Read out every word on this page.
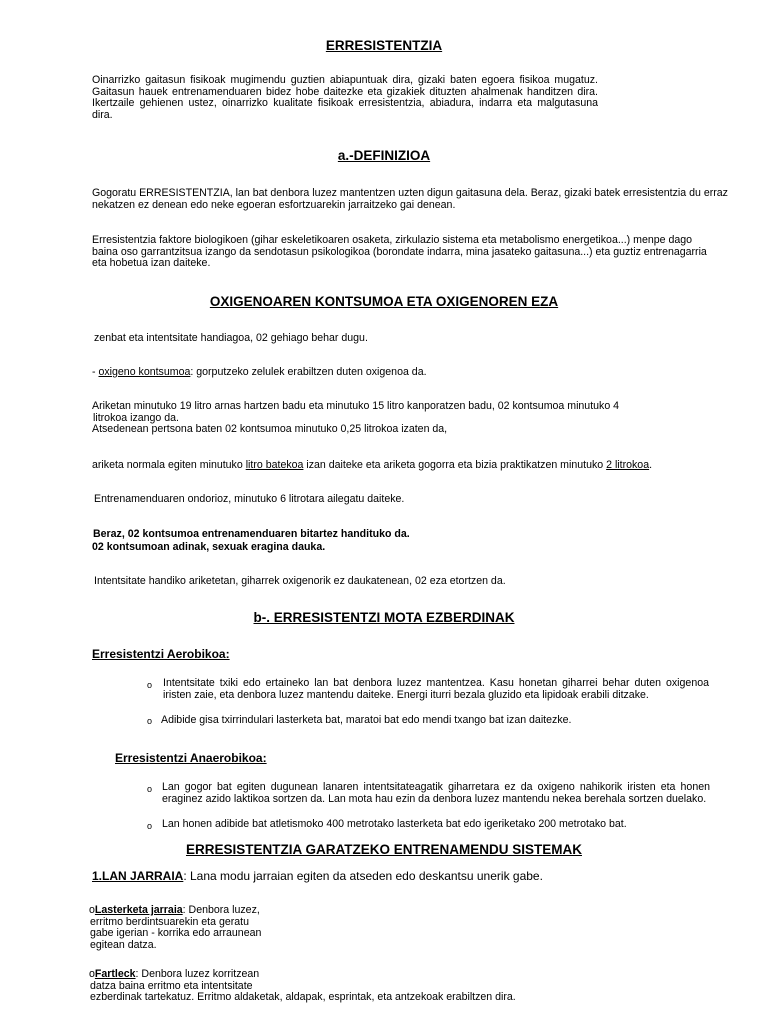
ERRESISTENTZIA
Oinarrizko gaitasun fisikoak mugimendu guztien abiapuntuak dira, gizaki baten egoera fisikoa mugatuz. Gaitasun hauek entrenamenduaren bidez hobe daitezke eta gizakiek dituzten ahalmenak handitzen dira. Ikertzaile gehienen ustez, oinarrizko kualitate fisikoak erresistentzia, abiadura, indarra eta malgutasuna dira.
a.-DEFINIZIOA
Gogoratu ERRESISTENTZIA, lan bat denbora luzez mantentzen uzten digun gaitasuna dela. Beraz, gizaki batek erresistentzia du erraz nekatzen ez denean edo neke egoeran esfortzuarekin jarraitzeko gai denean.
Erresistentzia faktore biologikoen (gihar eskeletikoaren osaketa, zirkulazio sistema eta metabolismo energetikoa...) menpe dago baina oso garrantzitsua izango da sendotasun psikologikoa (borondate indarra, mina jasateko gaitasuna...) eta guztiz entrenagarria eta hobetua izan daiteke.
OXIGENOAREN KONTSUMOA ETA OXIGENOREN EZA
zenbat eta intentsitate handiagoa, 02 gehiago behar dugu.
- oxigeno kontsumoa: gorputzeko zelulek erabiltzen duten oxigenoa da.
Ariketan minutuko 19 litro arnas hartzen badu eta minutuko 15 litro kanporatzen badu, 02 kontsumoa minutuko 4
litrokoa izango da.
Atsedenean pertsona baten 02 kontsumoa minutuko 0,25 litrokoa izaten da,
ariketa normala egiten minutuko litro batekoa izan daiteke eta ariketa gogorra eta bizia praktikatzen minutuko 2 litrokoa.
Entrenamenduaren ondorioz, minutuko 6 litrotara ailegatu daiteke.
Beraz, 02 kontsumoa entrenamenduaren bitartez handituko da.
02 kontsumoan adinak, sexuak eragina dauka.
Intentsitate handiko ariketetan, giharrek oxigenorik ez daukatenean, 02 eza etortzen da.
b-. ERRESISTENTZI MOTA EZBERDINAK
Erresistentzi Aerobikoa:
o Intentsitate txiki edo ertaineko lan bat denbora luzez mantentzea. Kasu honetan giharrei behar duten oxigenoa iristen zaie, eta denbora luzez mantendu daiteke. Energi iturri bezala gluzido eta lipidoak erabili ditzake.
o Adibide gisa txirrindulari lasterketa bat, maratoi bat edo mendi txango bat izan daitezke.
Erresistentzi Anaerobikoa:
o Lan gogor bat egiten dugunean lanaren intentsitateagatik giharretara ez da oxigeno nahikorik iristen eta honen eraginez azido laktikoa sortzen da. Lan mota hau ezin da denbora luzez mantendu nekea berehala sortzen duelako.
o Lan honen adibide bat atletismoko 400 metrotako lasterketa bat edo igeriketako 200 metrotako bat.
ERRESISTENTZIA GARATZEKO ENTRENAMENDU SISTEMAK
1.LAN JARRAIA: Lana modu jarraian egiten da atseden edo deskantsu unerik gabe.
oLasterketa jarraia: Denbora luzez,
erritmo berdintsuarekin eta geratu
gabe igerian - korrika edo arraunean
egitean datza.
oFartleck: Denbora luzez korritzean
datza baina erritmo eta intentsitate
ezberdinak tartekatuz. Erritmo aldaketak, aldapak, esprintak, eta antzekoak erabiltzen dira.
